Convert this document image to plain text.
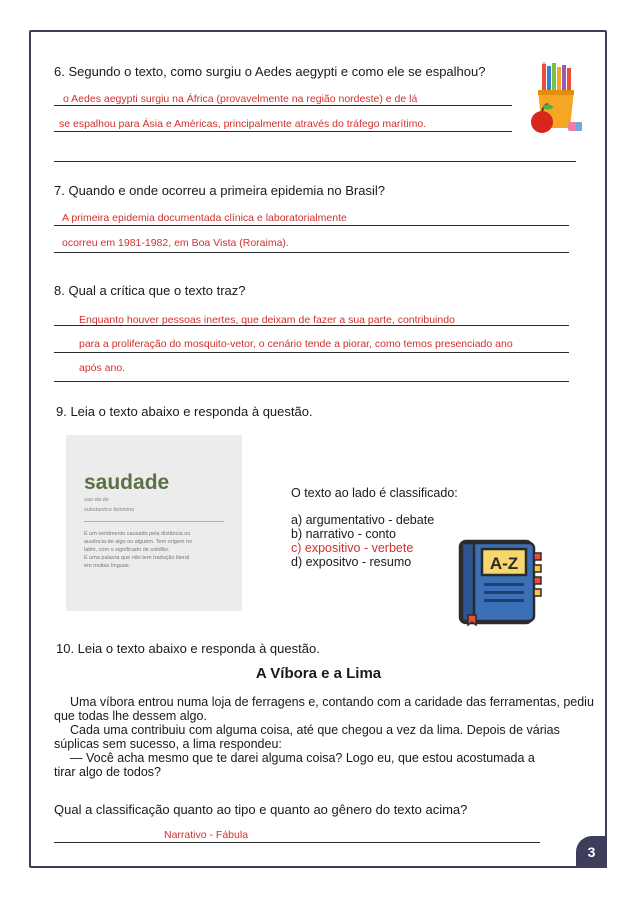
6. Segundo o texto, como surgiu o Aedes aegypti e como ele se espalhou?
o Aedes aegypti surgiu na África (provavelmente na região nordeste) e de lá
se espalhou para Ásia e Américas, principalmente através do tráfego marítimo.
7. Quando e onde ocorreu a primeira epidemia no Brasil?
A primeira epidemia documentada clínica e laboratorialmente
ocorreu em 1981-1982, em Boa Vista (Roraima).
8. Qual a crítica que o texto traz?
Enquanto houver pessoas inertes, que deixam de fazer a sua parte, contribuindo
para a proliferação do mosquito-vetor, o cenário tende a piorar, como temos presenciado ano
após ano.
9. Leia o texto abaixo e responda à questão.
saudade
sau·da·de
substantivo feminino
É um sentimento causado pela distância ou
ausência de algo ou alguém. Tem origem no
latim, com o significado de solidão.
É uma palavra que não tem tradução literal
em muitas línguas.
O texto ao lado é classificado:
a) argumentativo - debate
b) narrativo - conto
c) expositivo - verbete
d) expositvo - resumo	A-Z
10. Leia o texto abaixo e responda à questão.
A Víbora e a Lima
Uma víbora entrou numa loja de ferragens e, contando com a caridade das ferramentas, pediu que todas lhe dessem algo.
Cada uma contribuiu com alguma coisa, até que chegou a vez da lima. Depois de várias súplicas sem sucesso, a lima respondeu:
— Você acha mesmo que te darei alguma coisa? Logo eu, que estou acostumada a tirar algo de todos?
Qual a classificação quanto ao tipo e quanto ao gênero do texto acima?
Narrativo - Fábula
3
